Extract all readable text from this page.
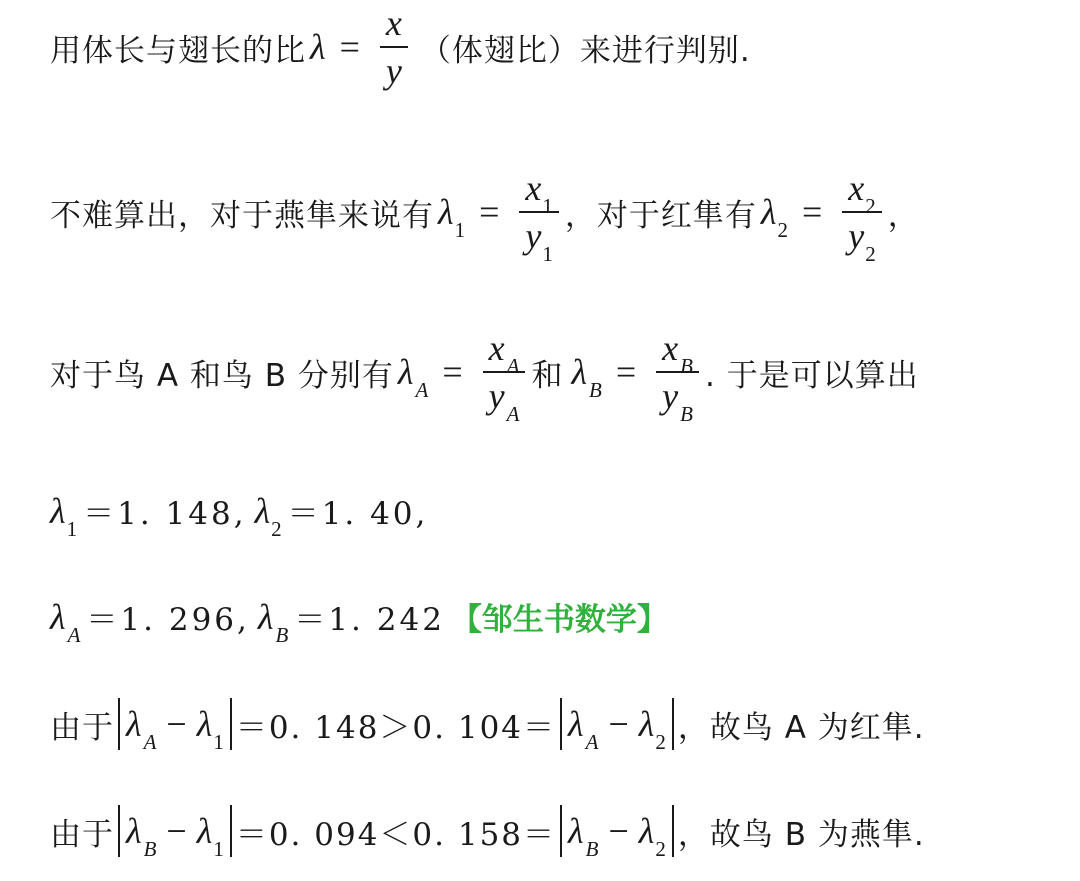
用体长与翅长的比 $\lambda = \frac{x}{y}$ （体翅比）来进行判别.
不难算出，对于燕隼来说有 $\lambda_1 = \frac{x_1}{y_1}$ ，对于红隼有 $\lambda_2 = \frac{x_2}{y_2}$ ，
对于鸟 A 和鸟 B 分别有 $\lambda_A = \frac{x_A}{y_A}$ 和 $\lambda_B = \frac{x_B}{y_B}$ . 于是可以算出
$\lambda_1 =1$. 148, $\lambda_2 =1$. 40,
$\lambda_A =1$. 296, $\lambda_B =1$. 242 【邹生书数学】
由于 $\lambda_A - \lambda_1 =0$. 148＞0. $104= \lambda_A - \lambda_2$ ，故鸟 A 为红隼.
由于 $\lambda_B - \lambda_1 =0$. 094＜0. $158= \lambda_B - \lambda_2$ ，故鸟 B 为燕隼.
